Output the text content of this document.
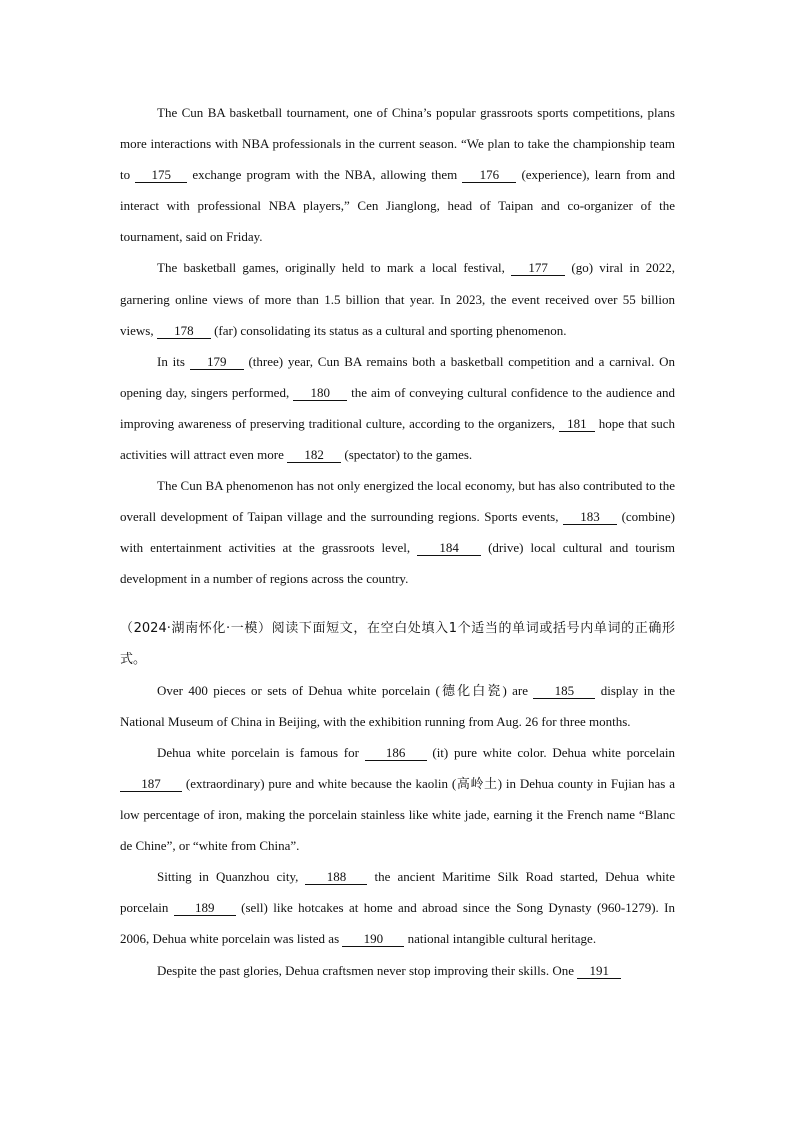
The Cun BA basketball tournament, one of China’s popular grassroots sports competitions, plans more interactions with NBA professionals in the current season. “We plan to take the championship team to 175 exchange program with the NBA, allowing them 176 (experience), learn from and interact with professional NBA players,” Cen Jianglong, head of Taipan and co-organizer of the tournament, said on Friday.

The basketball games, originally held to mark a local festival, 177 (go) viral in 2022, garnering online views of more than 1.5 billion that year. In 2023, the event received over 55 billion views, 178 (far) consolidating its status as a cultural and sporting phenomenon.

In its 179 (three) year, Cun BA remains both a basketball competition and a carnival. On opening day, singers performed, 180 the aim of conveying cultural confidence to the audience and improving awareness of preserving traditional culture, according to the organizers, 181 hope that such activities will attract even more 182 (spectator) to the games.

The Cun BA phenomenon has not only energized the local economy, but has also contributed to the overall development of Taipan village and the surrounding regions. Sports events, 183 (combine) with entertainment activities at the grassroots level, 184 (drive) local cultural and tourism development in a number of regions across the country.

（2024·湖南怀化·一模）阅读下面短文，在空白处填入1个适当的单词或括号内单词的正确形式。

Over 400 pieces or sets of Dehua white porcelain (德化白瓷) are 185 display in the National Museum of China in Beijing, with the exhibition running from Aug. 26 for three months.

Dehua white porcelain is famous for 186 (it) pure white color. Dehua white porcelain 187 (extraordinary) pure and white because the kaolin (高岭土) in Dehua county in Fujian has a low percentage of iron, making the porcelain stainless like white jade, earning it the French name “Blanc de Chine”, or “white from China”.

Sitting in Quanzhou city, 188 the ancient Maritime Silk Road started, Dehua white porcelain 189 (sell) like hotcakes at home and abroad since the Song Dynasty (960-1279). In 2006, Dehua white porcelain was listed as 190 national intangible cultural heritage.

Despite the past glories, Dehua craftsmen never stop improving their skills. One 191
